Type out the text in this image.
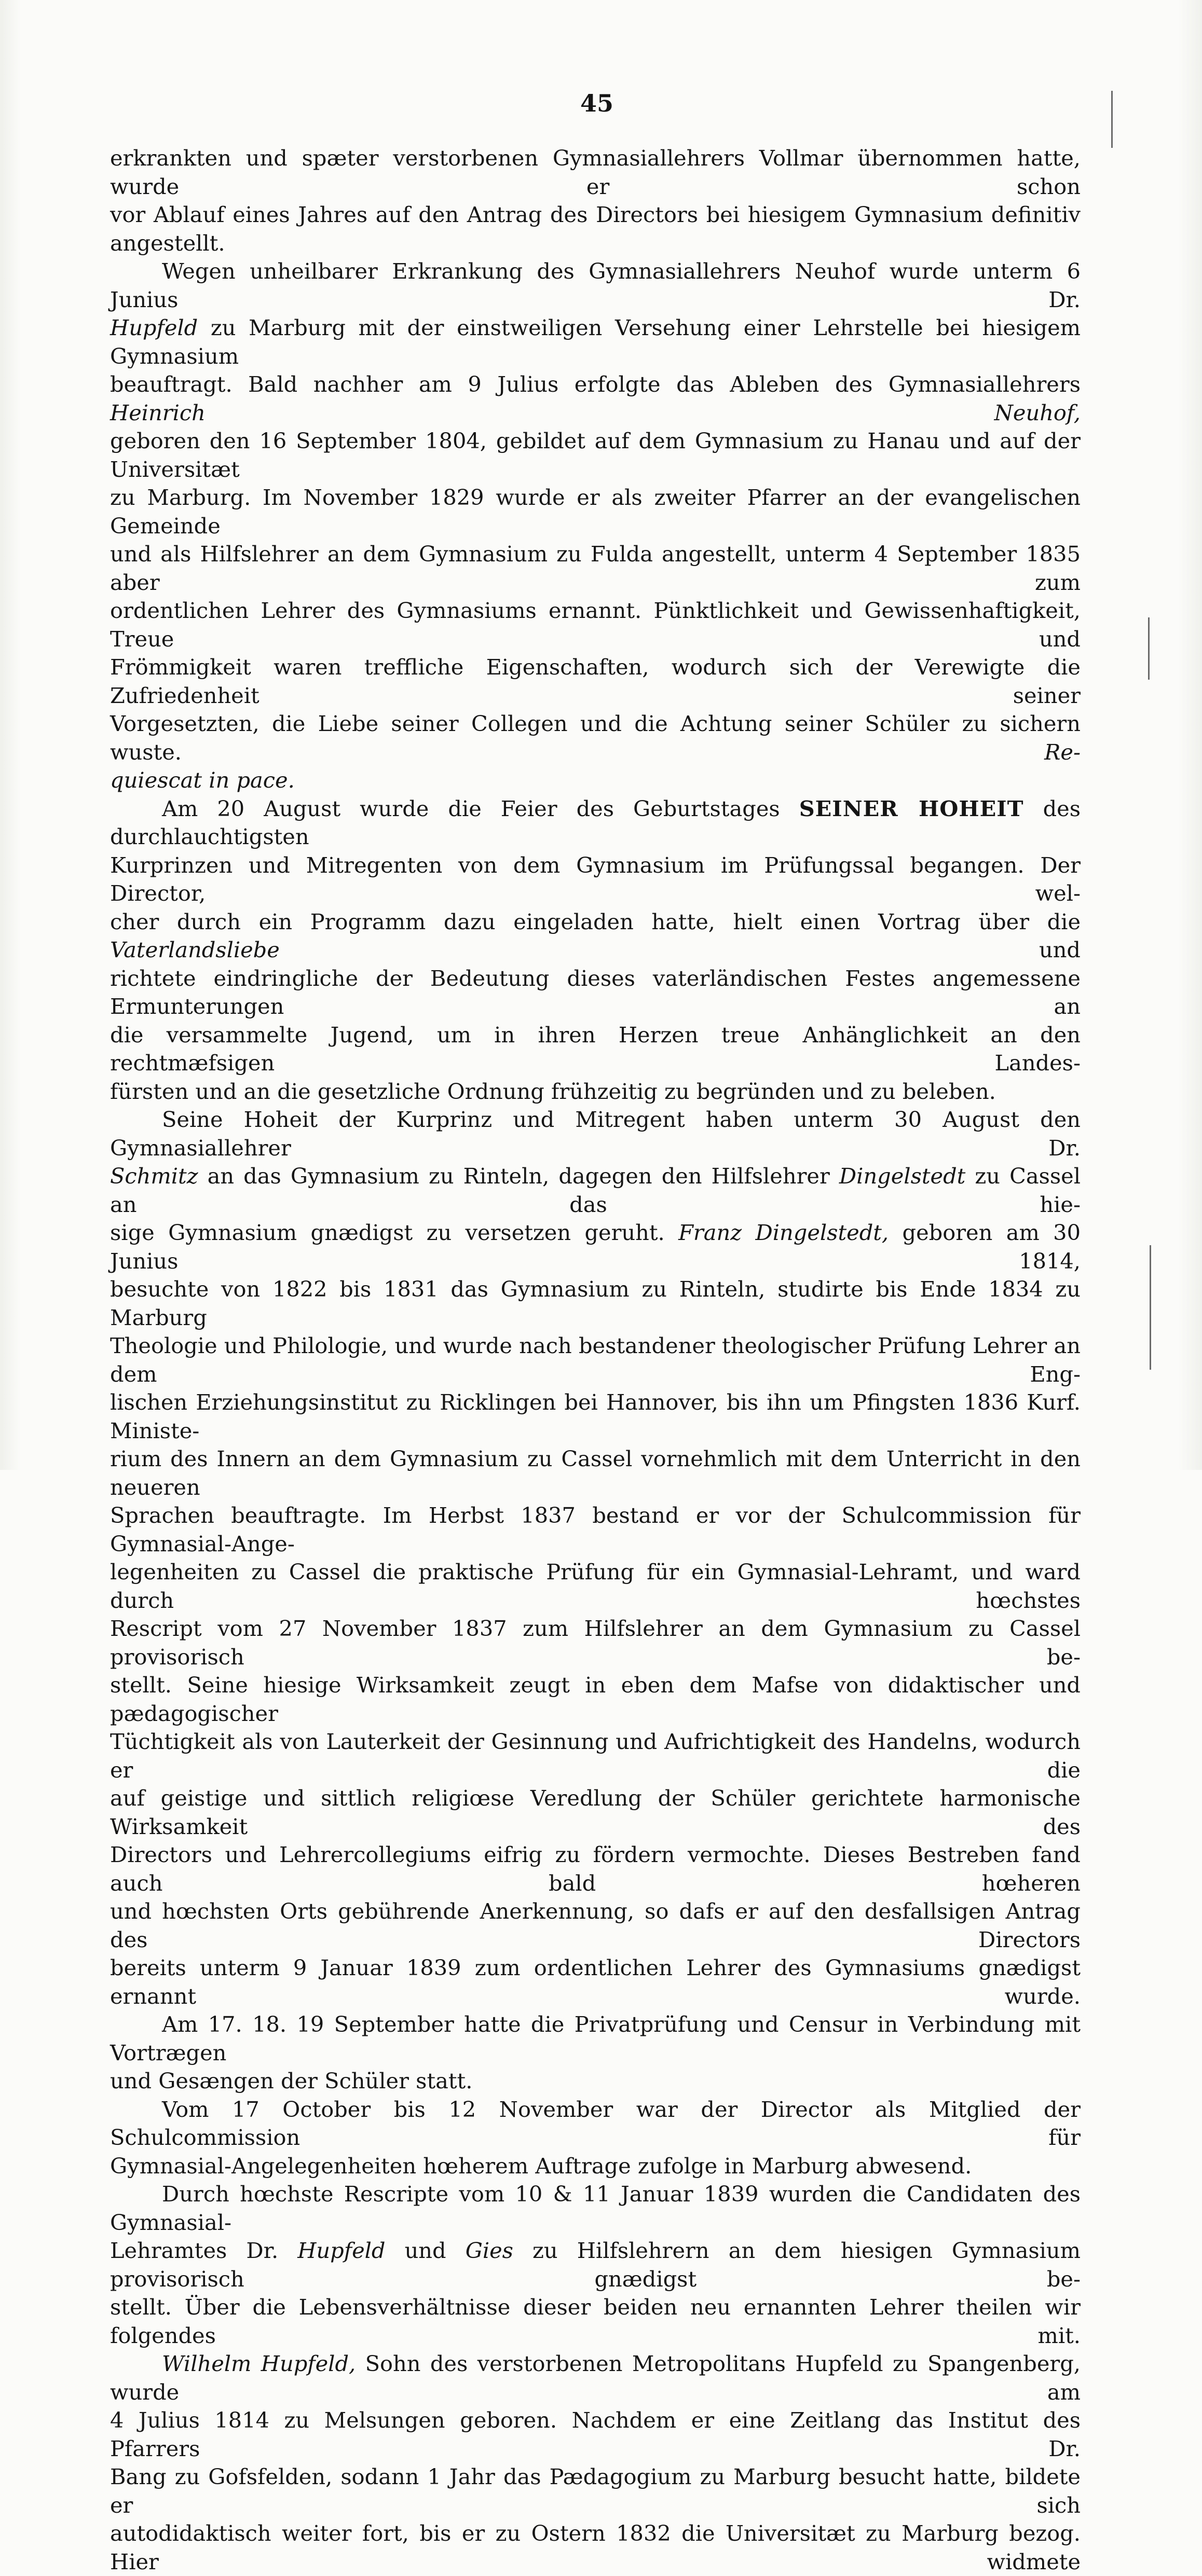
45

erkrankten und spæter verstorbenen Gymnasiallehrers Vollmar übernommen hatte, wurde er schon

vor Ablauf eines Jahres auf den Antrag des Directors bei hiesigem Gymnasium definitiv angestellt.

Wegen unheilbarer Erkrankung des Gymnasiallehrers Neuhof wurde unterm 6 Junius Dr.

Hupfeld zu Marburg mit der einstweiligen Versehung einer Lehrstelle bei hiesigem Gymnasium

beauftragt. Bald nachher am 9 Julius erfolgte das Ableben des Gymnasiallehrers Heinrich Neuhof,

geboren den 16 September 1804, gebildet auf dem Gymnasium zu Hanau und auf der Universitæt

zu Marburg. Im November 1829 wurde er als zweiter Pfarrer an der evangelischen Gemeinde

und als Hilfslehrer an dem Gymnasium zu Fulda angestellt, unterm 4 September 1835 aber zum

ordentlichen Lehrer des Gymnasiums ernannt. Pünktlichkeit und Gewissenhaftigkeit, Treue und

Frömmigkeit waren treffliche Eigenschaften, wodurch sich der Verewigte die Zufriedenheit seiner

Vorgesetzten, die Liebe seiner Collegen und die Achtung seiner Schüler zu sichern wuste. Re-

quiescat in pace.

Am 20 August wurde die Feier des Geburtstages SEINER HOHEIT des durchlauchtigsten

Kurprinzen und Mitregenten von dem Gymnasium im Prüfungssal begangen. Der Director, wel-

cher durch ein Programm dazu eingeladen hatte, hielt einen Vortrag über die Vaterlandsliebe und

richtete eindringliche der Bedeutung dieses vaterländischen Festes angemessene Ermunterungen an

die versammelte Jugend, um in ihren Herzen treue Anhänglichkeit an den rechtmæfsigen Landes-

fürsten und an die gesetzliche Ordnung frühzeitig zu begründen und zu beleben.

Seine Hoheit der Kurprinz und Mitregent haben unterm 30 August den Gymnasiallehrer Dr.

Schmitz an das Gymnasium zu Rinteln, dagegen den Hilfslehrer Dingelstedt zu Cassel an das hie-

sige Gymnasium gnædigst zu versetzen geruht. Franz Dingelstedt, geboren am 30 Junius 1814,

besuchte von 1822 bis 1831 das Gymnasium zu Rinteln, studirte bis Ende 1834 zu Marburg

Theologie und Philologie, und wurde nach bestandener theologischer Prüfung Lehrer an dem Eng-

lischen Erziehungsinstitut zu Ricklingen bei Hannover, bis ihn um Pfingsten 1836 Kurf. Ministe-

rium des Innern an dem Gymnasium zu Cassel vornehmlich mit dem Unterricht in den neueren

Sprachen beauftragte. Im Herbst 1837 bestand er vor der Schulcommission für Gymnasial-Ange-

legenheiten zu Cassel die praktische Prüfung für ein Gymnasial-Lehramt, und ward durch hœchstes

Rescript vom 27 November 1837 zum Hilfslehrer an dem Gymnasium zu Cassel provisorisch be-

stellt. Seine hiesige Wirksamkeit zeugt in eben dem Mafse von didaktischer und pædagogischer

Tüchtigkeit als von Lauterkeit der Gesinnung und Aufrichtigkeit des Handelns, wodurch er die

auf geistige und sittlich religiœse Veredlung der Schüler gerichtete harmonische Wirksamkeit des

Directors und Lehrercollegiums eifrig zu fördern vermochte. Dieses Bestreben fand auch bald hœheren

und hœchsten Orts gebührende Anerkennung, so dafs er auf den desfallsigen Antrag des Directors

bereits unterm 9 Januar 1839 zum ordentlichen Lehrer des Gymnasiums gnædigst ernannt wurde.

Am 17. 18. 19 September hatte die Privatprüfung und Censur in Verbindung mit Vortrægen

und Gesængen der Schüler statt.

Vom 17 October bis 12 November war der Director als Mitglied der Schulcommission für

Gymnasial-Angelegenheiten hœherem Auftrage zufolge in Marburg abwesend.

Durch hœchste Rescripte vom 10 & 11 Januar 1839 wurden die Candidaten des Gymnasial-

Lehramtes Dr. Hupfeld und Gies zu Hilfslehrern an dem hiesigen Gymnasium provisorisch gnædigst be-

stellt. Über die Lebensverhältnisse dieser beiden neu ernannten Lehrer theilen wir folgendes mit.

Wilhelm Hupfeld, Sohn des verstorbenen Metropolitans Hupfeld zu Spangenberg, wurde am

4 Julius 1814 zu Melsungen geboren. Nachdem er eine Zeitlang das Institut des Pfarrers Dr.

Bang zu Gofsfelden, sodann 1 Jahr das Pædagogium zu Marburg besucht hatte, bildete er sich

autodidaktisch weiter fort, bis er zu Ostern 1832 die Universitæt zu Marburg bezog. Hier widmete
